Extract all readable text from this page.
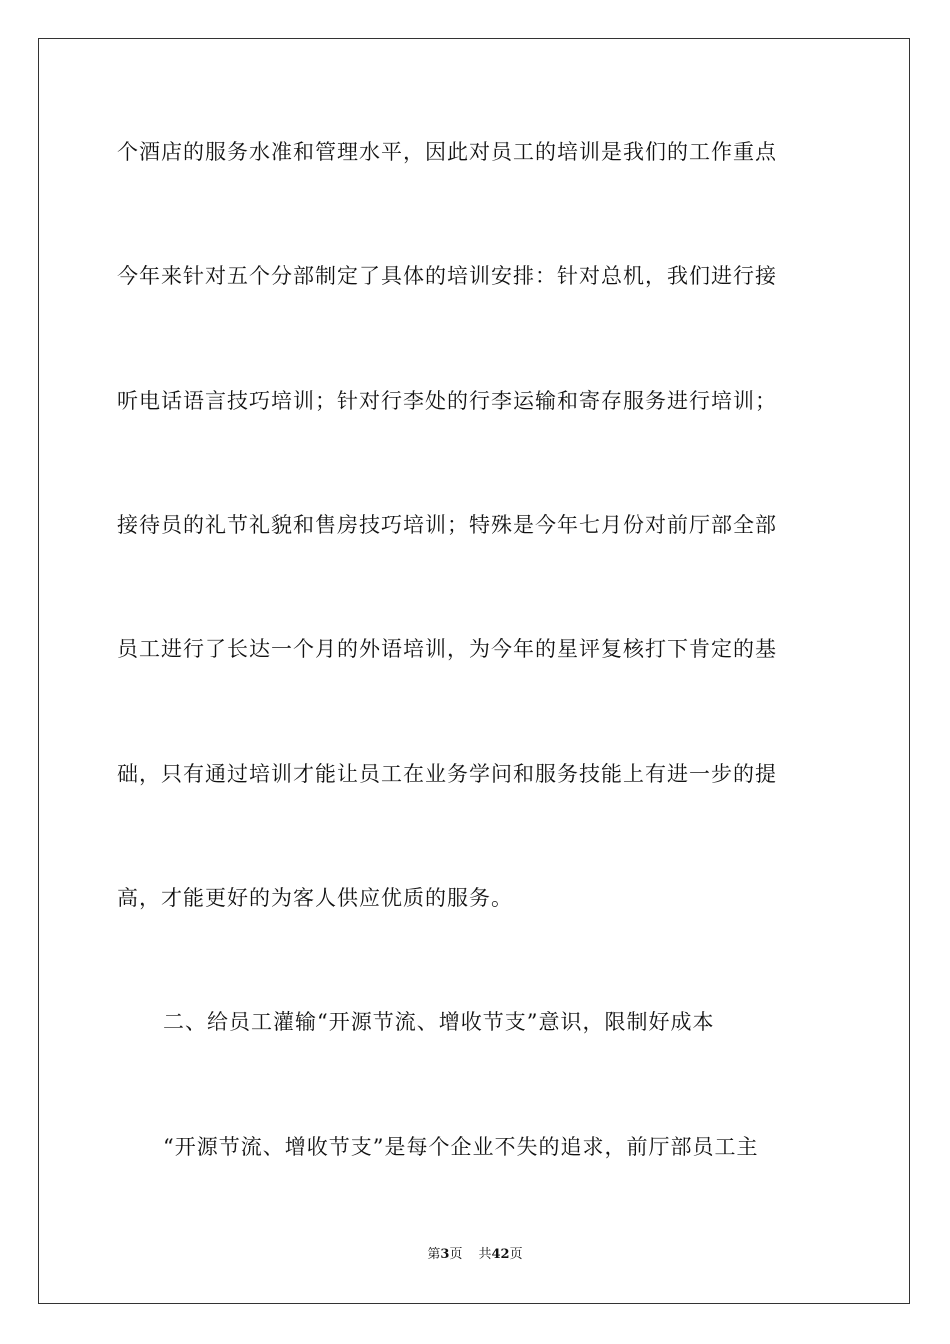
个酒店的服务水准和管理水平，因此对员工的培训是我们的工作重点
今年来针对五个分部制定了具体的培训安排：针对总机，我们进行接
听电话语言技巧培训；针对行李处的行李运输和寄存服务进行培训；
接待员的礼节礼貌和售房技巧培训；特殊是今年七月份对前厅部全部
员工进行了长达一个月的外语培训，为今年的星评复核打下肯定的基
础，只有通过培训才能让员工在业务学问和服务技能上有进一步的提
高，才能更好的为客人供应优质的服务。
二、给员工灌输“开源节流、增收节支”意识，限制好成本
“开源节流、增收节支”是每个企业不失的追求，前厅部员工主
第3页 共42页
